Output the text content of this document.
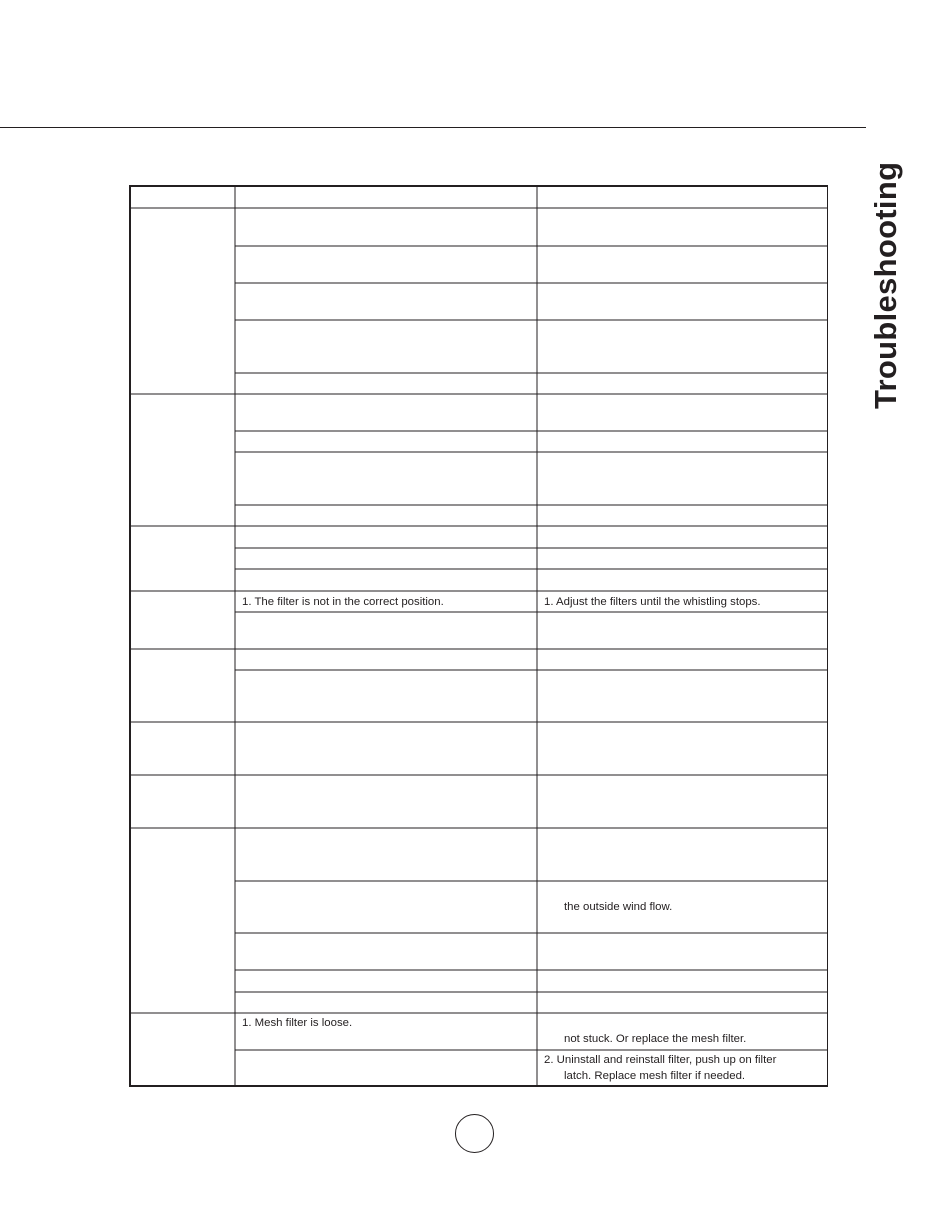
Troubleshooting
1. The filter is not in the correct position.	1. Adjust the filters until the whistling stops.
the outside wind flow.
1. Mesh filter is loose.
not stuck. Or replace the mesh filter.
2. Uninstall and reinstall filter, push up on filter
latch. Replace mesh filter if needed.
